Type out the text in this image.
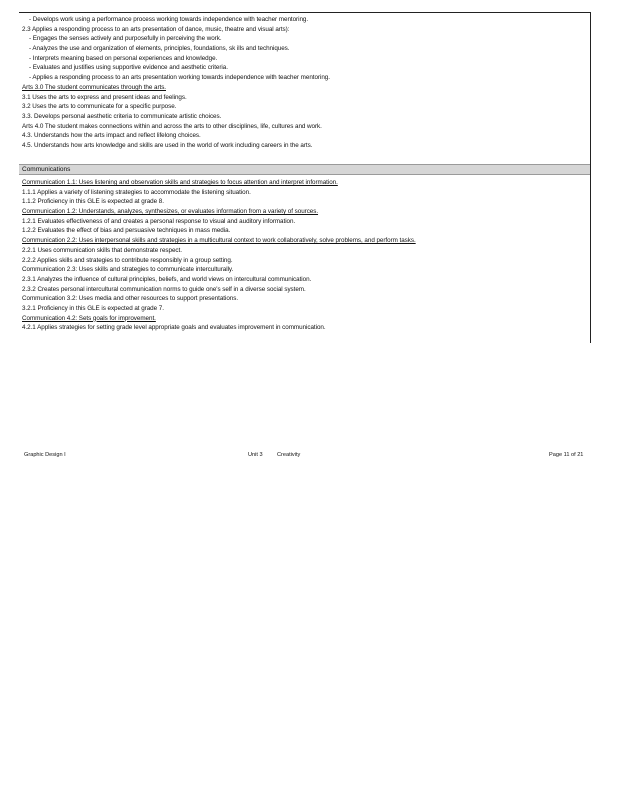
- Develops work using a performance process working towards independence with teacher mentoring.
2.3 Applies a responding process to an arts presentation of dance, music, theatre and visual arts):
- Engages the senses actively and purposefully in perceiving the work.
- Analyzes the use and organization of elements, principles, foundations, sk ills and techniques.
- Interprets meaning based on personal experiences and knowledge.
- Evaluates and justifies using supportive evidence and aesthetic criteria.
- Applies a responding process to an arts presentation working towards independence with teacher mentoring.
Arts 3.0 The student communicates through the arts.
3.1 Uses the arts to express and present ideas and feelings.
3.2 Uses the arts to communicate for a specific purpose.
3.3. Develops personal aesthetic criteria to communicate artistic choices.
Arts 4.0 The student makes connections within and across the arts to other disciplines, life, cultures and work.
4.3. Understands how the arts impact and reflect lifelong choices.
4.5. Understands how arts knowledge and skills are used in the world of work including careers in the arts.
Communications
Communication 1.1: Uses listening and observation skills and strategies to focus attention and interpret information.
1.1.1 Applies a variety of listening strategies to accommodate the listening situation.
1.1.2 Proficiency in this GLE is expected at grade 8.
Communication 1.2: Understands, analyzes, synthesizes, or evaluates information from a variety of sources.
1.2.1 Evaluates effectiveness of and creates a personal response to visual and auditory information.
1.2.2 Evaluates the effect of bias and persuasive techniques in mass media.
Communication 2.2: Uses interpersonal skills and strategies in a multicultural context to work collaboratively, solve problems, and perform tasks.
2.2.1 Uses communication skills that demonstrate respect.
2.2.2 Applies skills and strategies to contribute responsibly in a group setting.
Communication 2.3: Uses skills and strategies to communicate interculturally.
2.3.1 Analyzes the influence of cultural principles, beliefs, and world views on intercultural communication.
2.3.2 Creates personal intercultural communication norms to guide one's self in a diverse social system.
Communication 3.2: Uses media and other resources to support presentations.
3.2.1 Proficiency in this GLE is expected at grade 7.
Communication 4.2: Sets goals for improvement.
4.2.1 Applies strategies for setting grade level appropriate goals and evaluates improvement in communication.
Graphic Design I	Unit 3	Creativity	Page 11 of 21
